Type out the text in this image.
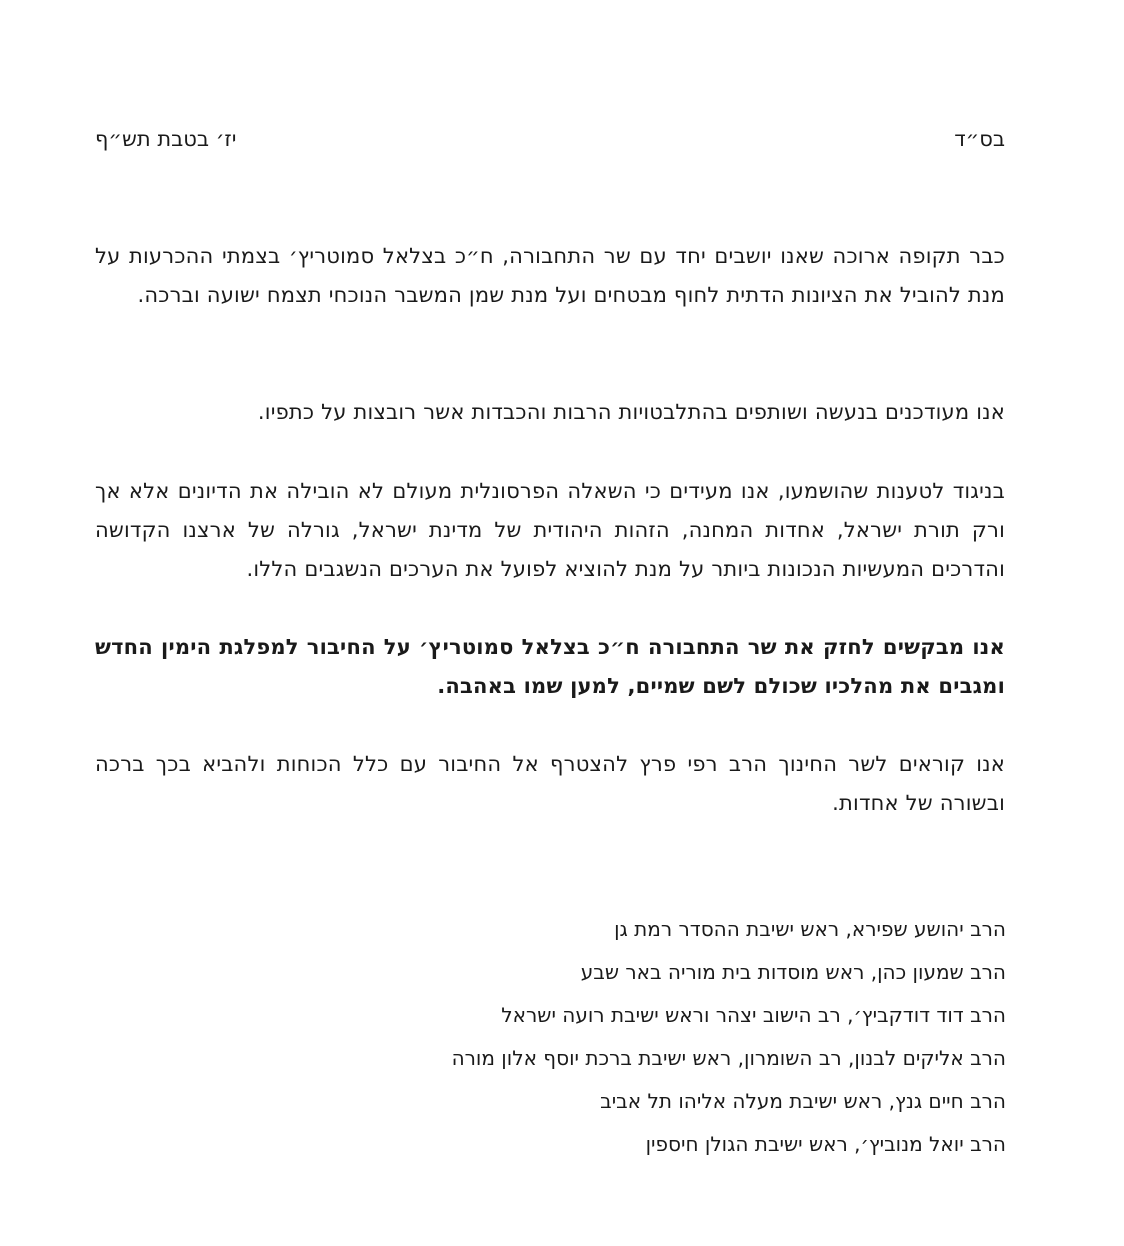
בס״ד
יז׳ בטבת תש״ף

כבר תקופה ארוכה שאנו יושבים יחד עם שר התחבורה, ח״כ בצלאל סמוטריץ׳ בצמתי ההכרעות על מנת להוביל את הציונות הדתית לחוף מבטחים ועל מנת שמן המשבר הנוכחי תצמח ישועה וברכה.

אנו מעודכנים בנעשה ושותפים בהתלבטויות הרבות והכבדות אשר רובצות על כתפיו.

בניגוד לטענות שהושמעו, אנו מעידים כי השאלה הפרסונלית מעולם לא הובילה את הדיונים אלא אך ורק תורת ישראל, אחדות המחנה, הזהות היהודית של מדינת ישראל, גורלה של ארצנו הקדושה והדרכים המעשיות הנכונות ביותר על מנת להוציא לפועל את הערכים הנשגבים הללו.

אנו מבקשים לחזק את שר התחבורה ח״כ בצלאל סמוטריץ׳ על החיבור למפלגת הימין החדש ומגבים את מהלכיו שכולם לשם שמיים, למען שמו באהבה.

אנו קוראים לשר החינוך הרב רפי פרץ להצטרף אל החיבור עם כלל הכוחות ולהביא בכך ברכה ובשורה של אחדות.

הרב יהושע שפירא, ראש ישיבת ההסדר רמת גן
הרב שמעון כהן, ראש מוסדות בית מוריה באר שבע
הרב דוד דודקביץ׳, רב הישוב יצהר וראש ישיבת רועה ישראל
הרב אליקים לבנון, רב השומרון, ראש ישיבת ברכת יוסף אלון מורה
הרב חיים גנץ, ראש ישיבת מעלה אליהו תל אביב
הרב יואל מנוביץ׳, ראש ישיבת הגולן חיספין
